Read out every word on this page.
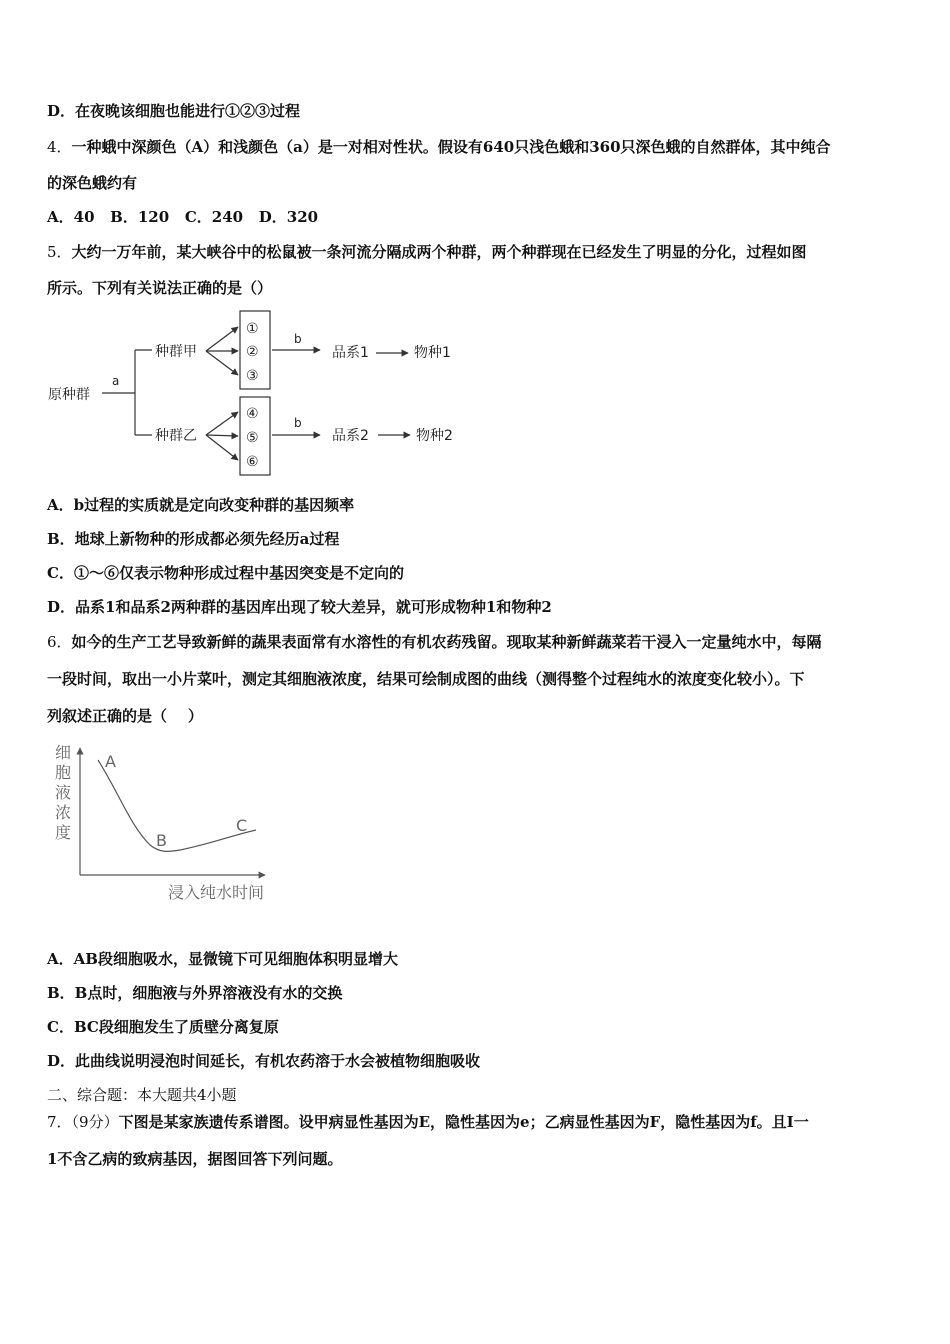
D．在夜晚该细胞也能进行①②③过程
4．一种蛾中深颜色（A）和浅颜色（a）是一对相对性状。假设有640只浅色蛾和360只深色蛾的自然群体，其中纯合
的深色蛾约有
A．40   B．120   C．240   D．320
5．大约一万年前，某大峡谷中的松鼠被一条河流分隔成两个种群，两个种群现在已经发生了明显的分化，过程如图
所示。下列有关说法正确的是（）
原种群
a
种群甲
种群乙
①
②
③
④
⑤
⑥
b
b
品系1
品系2
物种1
物种2
A．b过程的实质就是定向改变种群的基因频率
B．地球上新物种的形成都必须先经历a过程
C．①～⑥仅表示物种形成过程中基因突变是不定向的
D．品系1和品系2两种群的基因库出现了较大差异，就可形成物种1和物种2
6．如今的生产工艺导致新鲜的蔬果表面常有水溶性的有机农药残留。现取某种新鲜蔬菜若干浸入一定量纯水中，每隔
一段时间，取出一小片菜叶，测定其细胞液浓度，结果可绘制成图的曲线（测得整个过程纯水的浓度变化较小）。下
列叙述正确的是（    ）
细
胞
液
浓
度
浸入纯水时间
A
B
C
A．AB段细胞吸水，显微镜下可见细胞体积明显增大
B．B点时，细胞液与外界溶液没有水的交换
C．BC段细胞发生了质壁分离复原
D．此曲线说明浸泡时间延长，有机农药溶于水会被植物细胞吸收
二、综合题：本大题共4小题
7．（9分）下图是某家族遗传系谱图。设甲病显性基因为E，隐性基因为e；乙病显性基因为F，隐性基因为f。且Ⅰ一
1不含乙病的致病基因，据图回答下列问题。
